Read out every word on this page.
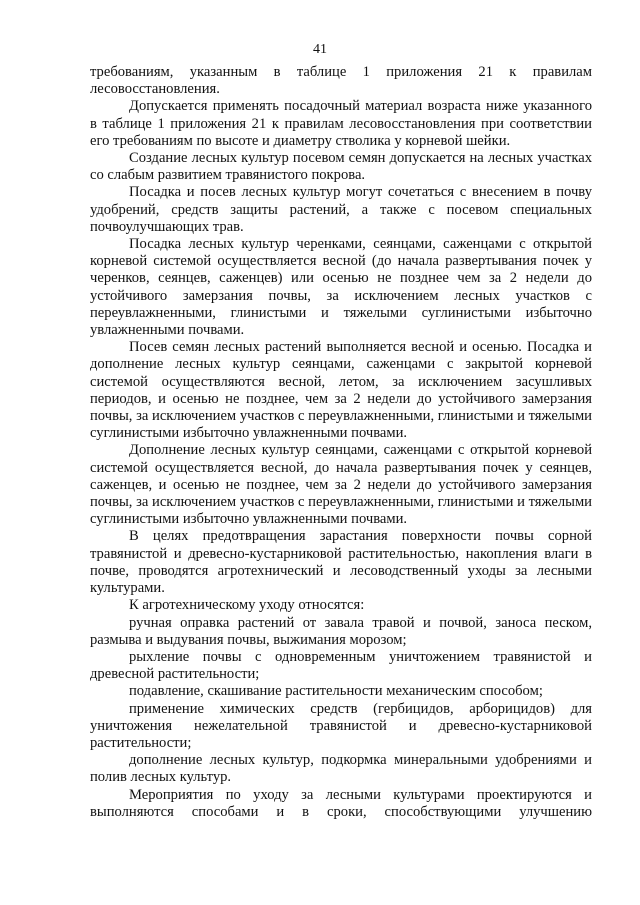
41

требованиям, указанным в таблице 1 приложения 21 к правилам лесовосстановления.

Допускается применять посадочный материал возраста ниже указанного в таблице 1 приложения 21 к правилам лесовосстановления при соответствии его требованиям по высоте и диаметру стволика у корневой шейки.

Создание лесных культур посевом семян допускается на лесных участках со слабым развитием травянистого покрова.

Посадка и посев лесных культур могут сочетаться с внесением в почву удобрений, средств защиты растений, а также с посевом специальных почвоулучшающих трав.

Посадка лесных культур черенками, сеянцами, саженцами с открытой корневой системой осуществляется весной (до начала развертывания почек у черенков, сеянцев, саженцев) или осенью не позднее чем за 2 недели до устойчивого замерзания почвы, за исключением лесных участков с переувлажненными, глинистыми и тяжелыми суглинистыми избыточно увлажненными почвами.

Посев семян лесных растений выполняется весной и осенью. Посадка и дополнение лесных культур сеянцами, саженцами с закрытой корневой системой осуществляются весной, летом, за исключением засушливых периодов, и осенью не позднее, чем за 2 недели до устойчивого замерзания почвы, за исключением участков с переувлажненными, глинистыми и тяжелыми суглинистыми избыточно увлажненными почвами.

Дополнение лесных культур сеянцами, саженцами с открытой корневой системой осуществляется весной, до начала развертывания почек у сеянцев, саженцев, и осенью не позднее, чем за 2 недели до устойчивого замерзания почвы, за исключением участков с переувлажненными, глинистыми и тяжелыми суглинистыми избыточно увлажненными почвами.

В целях предотвращения зарастания поверхности почвы сорной травянистой и древесно-кустарниковой растительностью, накопления влаги в почве, проводятся агротехнический и лесоводственный уходы за лесными культурами.

К агротехническому уходу относятся:

ручная оправка растений от завала травой и почвой, заноса песком, размыва и выдувания почвы, выжимания морозом;

рыхление почвы с одновременным уничтожением травянистой и древесной растительности;

подавление, скашивание растительности механическим способом;

применение химических средств (гербицидов, арборицидов) для уничтожения нежелательной травянистой и древесно-кустарниковой растительности;

дополнение лесных культур, подкормка минеральными удобрениями и полив лесных культур.

Мероприятия по уходу за лесными культурами проектируются и выполняются способами и в сроки, способствующими улучшению
